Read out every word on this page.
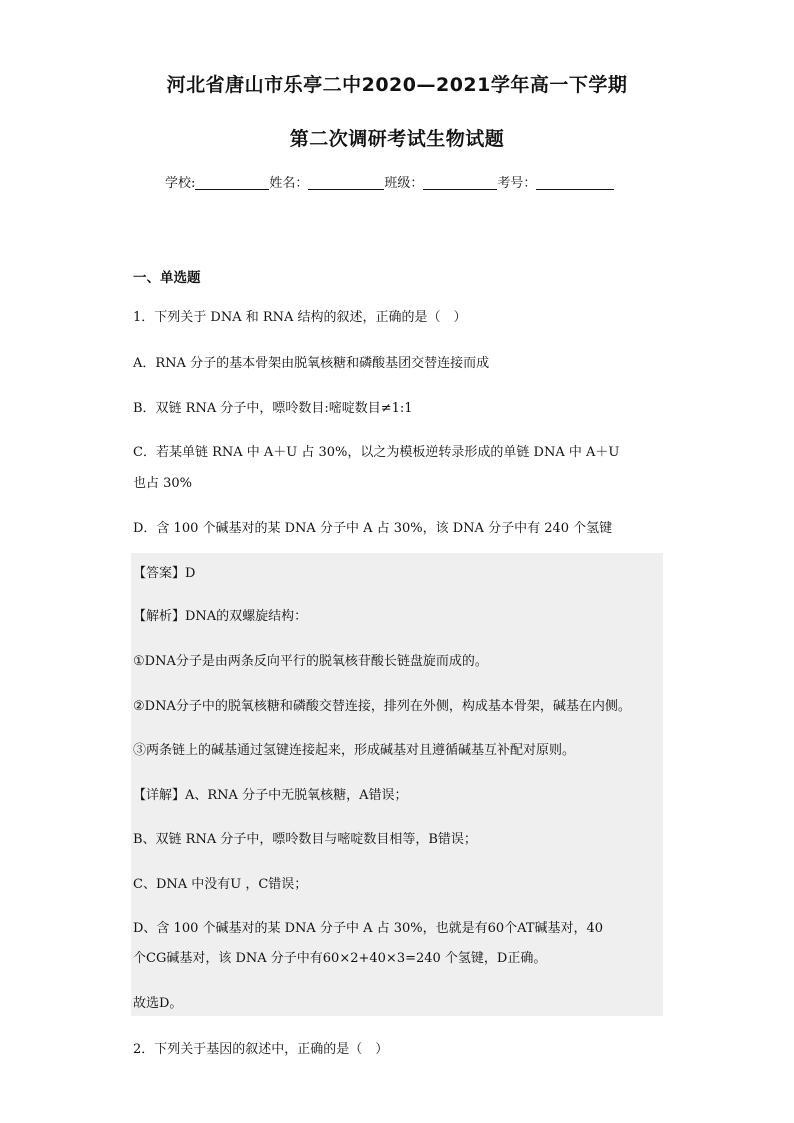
河北省唐山市乐亭二中2020—2021学年高一下学期
第二次调研考试生物试题
学校:	姓名：	班级：	考号：
一、单选题
1．下列关于 DNA 和 RNA 结构的叙述，正确的是（　）
A．RNA 分子的基本骨架由脱氧核糖和磷酸基团交替连接而成
B．双链 RNA 分子中，嘌呤数目:嘧啶数目≠1:1
C．若某单链 RNA 中 A＋U 占 30%，以之为模板逆转录形成的单链 DNA 中 A＋U
也占 30%
D．含 100 个碱基对的某 DNA 分子中 A 占 30%，该 DNA 分子中有 240 个氢键
【答案】D
【解析】DNA的双螺旋结构：
①DNA分子是由两条反向平行的脱氧核苷酸长链盘旋而成的。
②DNA分子中的脱氧核糖和磷酸交替连接，排列在外侧，构成基本骨架，碱基在内侧。
③两条链上的碱基通过氢键连接起来，形成碱基对且遵循碱基互补配对原则。
【详解】A、RNA 分子中无脱氧核糖，A错误；
B、双链 RNA 分子中，嘌呤数目与嘧啶数目相等，B错误；
C、DNA 中没有U ，C错误；
D、含 100 个碱基对的某 DNA 分子中 A 占 30%，也就是有60个AT碱基对，40
个CG碱基对，该 DNA 分子中有60×2+40×3=240 个氢键，D正确。
故选D。
2．下列关于基因的叙述中，正确的是（　）
